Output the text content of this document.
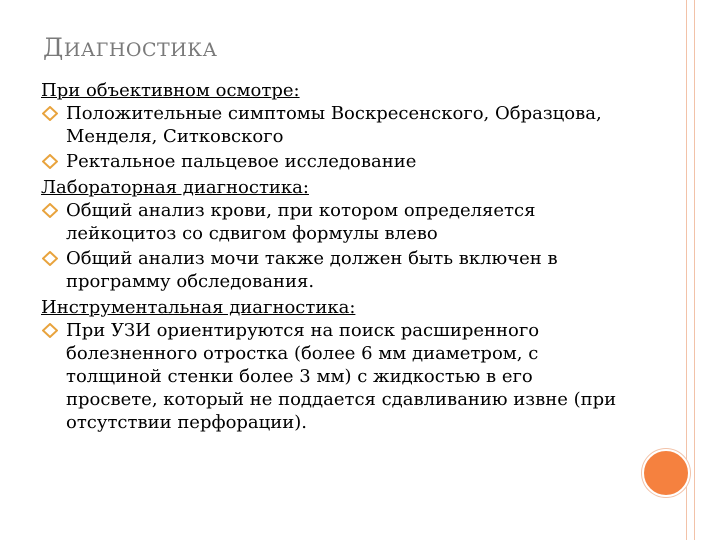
ДИАГНОСТИКА

При объективном осмотре:

Положительные симптомы Воскресенского, Образцова, Менделя, Ситковского
Ректальное пальцевое исследование

Лабораторная диагностика:

Общий анализ крови, при котором определяется лейкоцитоз со сдвигом формулы влево
Общий анализ мочи также должен быть включен в программу обследования.

Инструментальная диагностика:

При УЗИ ориентируются на поиск расширенного болезненного отростка (более 6 мм диаметром, с толщиной стенки более 3 мм) с жидкостью в его просвете, который не поддается сдавливанию извне (при отсутствии перфорации).
